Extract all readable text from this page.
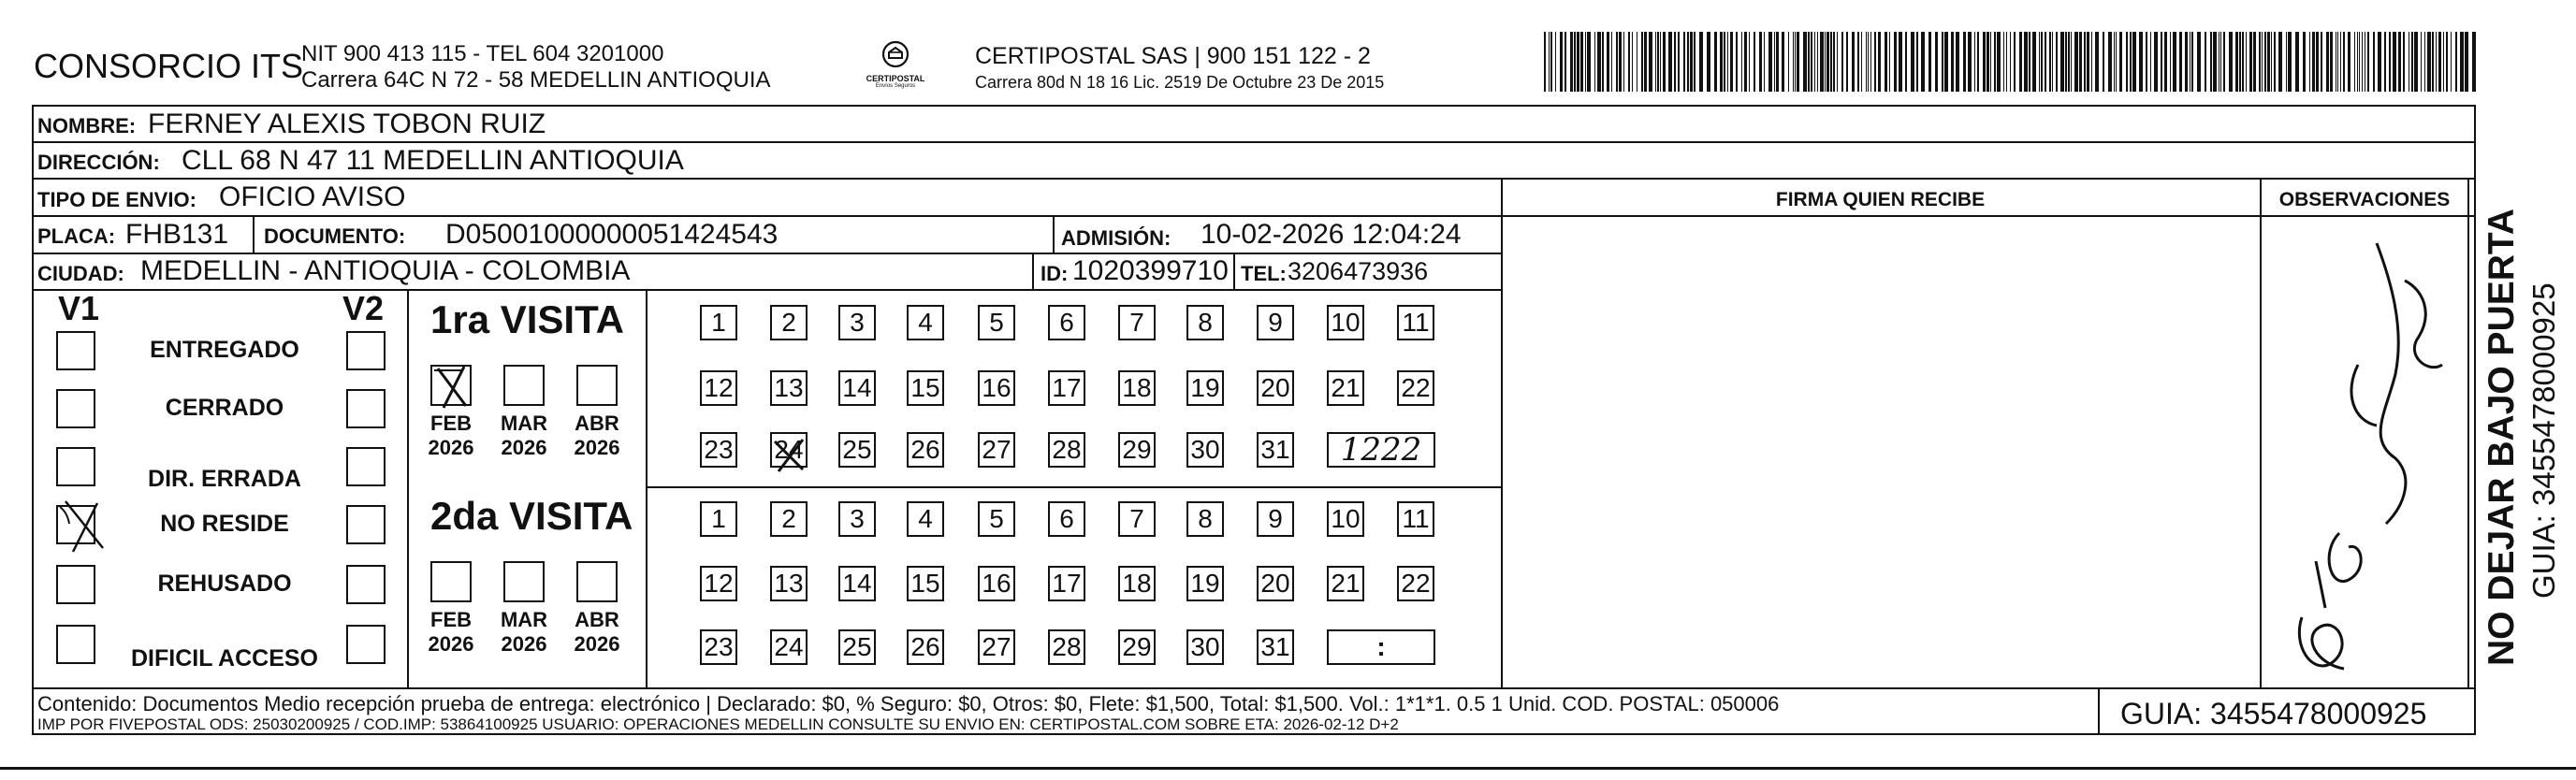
CONSORCIO ITS
NIT 900 413 115 - TEL 604 3201000
Carrera 64C N 72 - 58 MEDELLIN ANTIOQUIA	CERTIPOSTAL
Envíos Seguros
CERTIPOSTAL SAS | 900 151 122 - 2
Carrera 80d N 18 16 Lic. 2519 De Octubre 23 De 2015
NOMBRE: FERNEY ALEXIS TOBON RUIZ
DIRECCIÓN: CLL 68 N 47 11 MEDELLIN ANTIOQUIA
TIPO DE ENVIO: OFICIO AVISO	FIRMA QUIEN RECIBE	OBSERVACIONES
PLACA: FHB131 DOCUMENTO: D05001000000051424543	ADMISIÓN: 10-02-2026 12:04:24
CIUDAD: MEDELLIN - ANTIOQUIA - COLOMBIA	ID: 1020399710 TEL: 3206473936
V1	V2
ENTREGADO
CERRADO
DIR. ERRADA
NO RESIDE
REHUSADO
DIFICIL ACCESO
1ra VISITA
2da VISITA
FEB
2026
MAR
2026
ABR
2026
FEB
2026
MAR
2026
ABR
2026
1	2	3	4	5	6	7	8	9	10 11
12 13 14 15 16 17 18 19 20 21 22
23 24 25 26 27 28 29 30 31	1222
1	2	3	4	5	6	7	8	9	10 11
12 13 14 15 16 17 18 19 20 21 22
23 24 25 26 27 28 29 30 31	:
Contenido: Documentos Medio recepción prueba de entrega: electrónico | Declarado: $0, % Seguro: $0, Otros: $0, Flete: $1,500, Total: $1,500. Vol.: 1*1*1. 0.5 1 Unid. COD. POSTAL: 050006
IMP POR FIVEPOSTAL ODS: 25030200925 / COD.IMP: 53864100925 USUARIO: OPERACIONES MEDELLIN CONSULTE SU ENVIO EN: CERTIPOSTAL.COM SOBRE ETA: 2026-02-12 D+2	GUIA: 3455478000925
NO DEJAR BAJO PUERTA GUIA: 3455478000925
